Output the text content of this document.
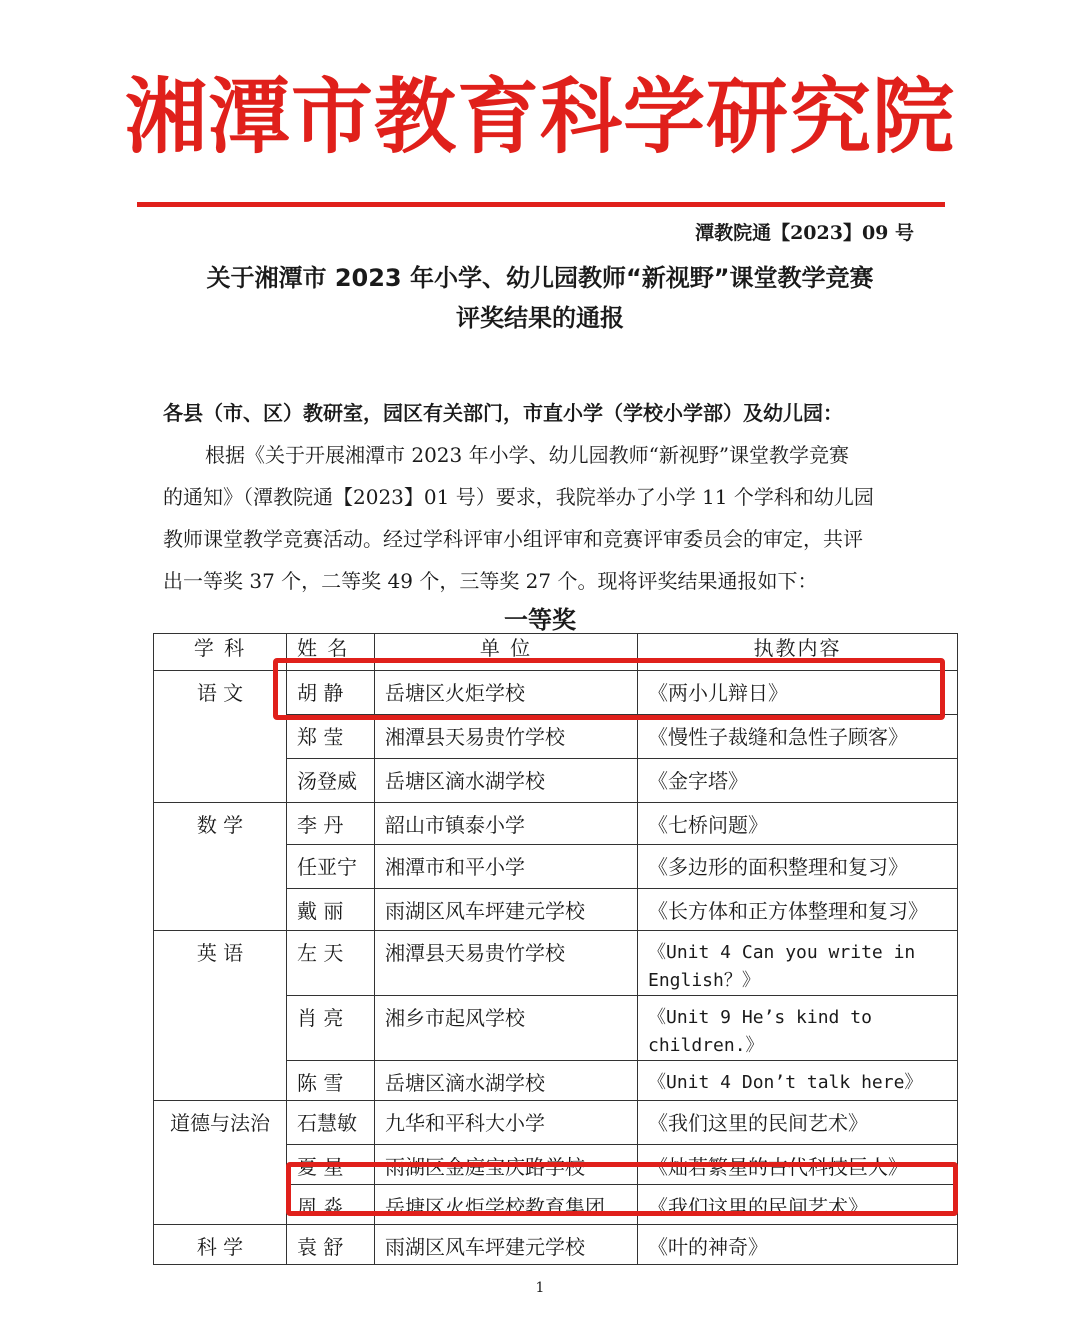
湘潭市教育科学研究院
潭教院通【2023】09 号
关于湘潭市 2023 年小学、幼儿园教师“新视野”课堂教学竞赛
评奖结果的通报
各县（市、区）教研室，园区有关部门，市直小学（学校小学部）及幼儿园：
根据《关于开展湘潭市 2023 年小学、幼儿园教师“新视野”课堂教学竞赛
的通知》（潭教院通【2023】01 号）要求，我院举办了小学 11 个学科和幼儿园
教师课堂教学竞赛活动。经过学科评审小组评审和竞赛评审委员会的审定，共评
出一等奖 37 个，二等奖 49 个，三等奖 27 个。现将评奖结果通报如下：
一等奖
学 科	姓 名	单 位	执教内容
语 文	胡 静	岳塘区火炬学校	《两小儿辩日》
	郑 莹	湘潭县天易贵竹学校	《慢性子裁缝和急性子顾客》
	汤登威	岳塘区滴水湖学校	《金字塔》
数 学	李 丹	韶山市镇泰小学	《七桥问题》
	任亚宁	湘潭市和平小学	《多边形的面积整理和复习》
	戴 丽	雨湖区风车坪建元学校	《长方体和正方体整理和复习》
英 语	左 天	湘潭县天易贵竹学校	《Unit 4 Can you write in English？》
	肖 亮	湘乡市起风学校	《Unit 9 He’s kind to children.》
	陈 雪	岳塘区滴水湖学校	《Unit 4 Don’t talk here》
道德与法治	石慧敏	九华和平科大小学	《我们这里的民间艺术》
	夏 星	雨湖区金庭宝庆路学校	《灿若繁星的古代科技巨人》
	周 淼	岳塘区火炬学校教育集团	《我们这里的民间艺术》
科 学	袁 舒	雨湖区风车坪建元学校	《叶的神奇》
1
